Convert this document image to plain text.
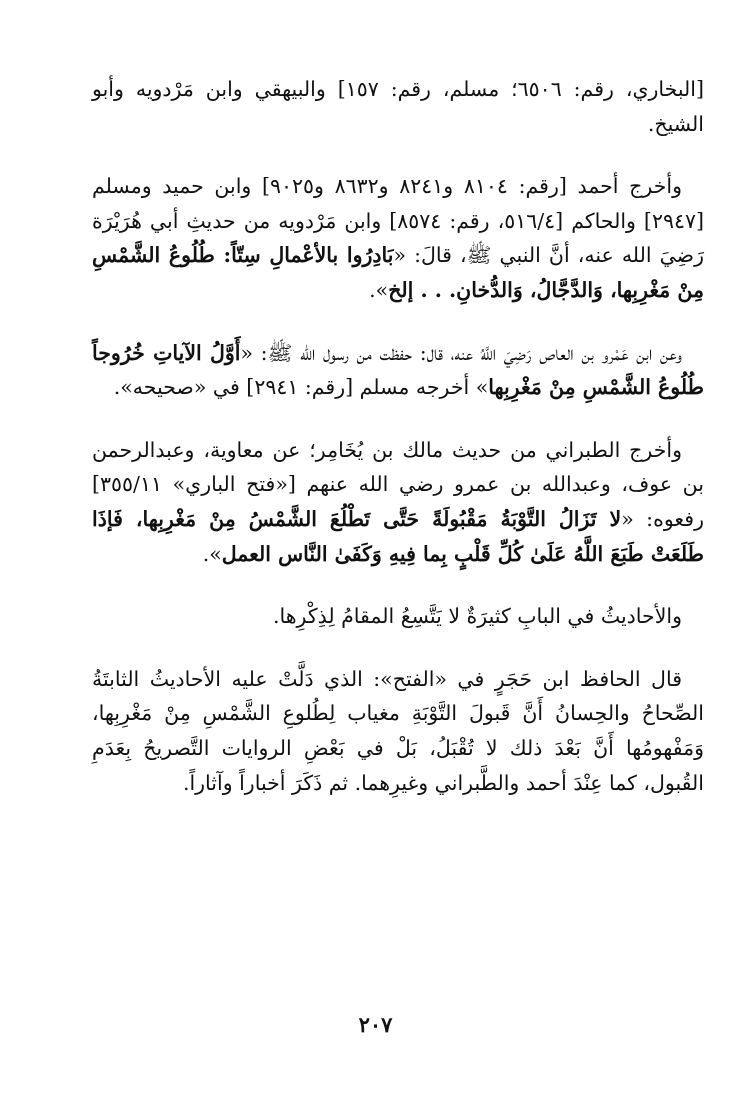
[البخاري، رقم: ٦٥٠٦؛ مسلم، رقم: ١٥٧] والبيهقي وابن مَرْدويه وأبو الشيخ.

وأخرج أحمد [رقم: ٨١٠٤ و٨٢٤١ و٨٦٣٢ و٩٠٢٥] وابن حميد ومسلم [٢٩٤٧] والحاكم [٥١٦/٤، رقم: ٨٥٧٤] وابن مَرْدويه من حديثِ أبي هُرَيْرَة رَضِيَ الله عنه، أنَّ النبي ﷺ، قالَ: «بَادِرُوا بالأعْمالِ سِتّاً: طُلُوعُ الشَّمْسِ مِنْ مَغْرِبِها، وَالدَّجَّالُ، وَالدُّخانِ. . . إلخ».

وعن ابن عَمْرو بن العاص رَضِيَ اللَّهُ عنه، قال: حفظت من رسول الله ﷺ: «أَوَّلُ الآياتِ خُرُوجاً طُلُوعُ الشَّمْسِ مِنْ مَغْرِبِها» أخرجه مسلم [رقم: ٢٩٤١] في «صحيحه».

وأخرج الطبراني من حديث مالك بن يُخَامِر؛ عن معاوية، وعبدالرحمن بن عوف، وعبدالله بن عمرو رضي الله عنهم [«فتح الباري» ٣٥٥/١١] رفعوه: «لا تَزَالُ التَّوْبَةُ مَقْبُولَةً حَتَّى تَطْلُعَ الشَّمْسُ مِنْ مَغْرِبِها، فَإذَا طَلَعَتْ طَبَعَ اللَّهُ عَلَىٰ كُلِّ قَلْبٍ بِما فِيهِ وَكَفَىٰ النَّاس العمل».

والأحاديثُ في البابِ كثيرَةٌ لا يَتَّسِعُ المقامُ لِذِكْرِها.

قال الحافظ ابن حَجَرٍ في «الفتح»: الذي دَلَّتْ عليه الأحاديثُ الثابتَةُ الصِّحاحُ والحِسانُ أَنَّ قَبولَ التَّوْبَةِ مغياب لِطُلوعِ الشَّمْسِ مِنْ مَغْرِبِها، وَمَفْهومُها أَنَّ بَعْدَ ذلك لا تُقْبَلُ، بَلْ في بَعْضِ الروايات التَّصريحُ بِعَدَمِ القُبول، كما عِنْدَ أحمد والطَّبراني وغيرِهما. ثم ذَكَرَ أخباراً وآثاراً.

٢٠٧
